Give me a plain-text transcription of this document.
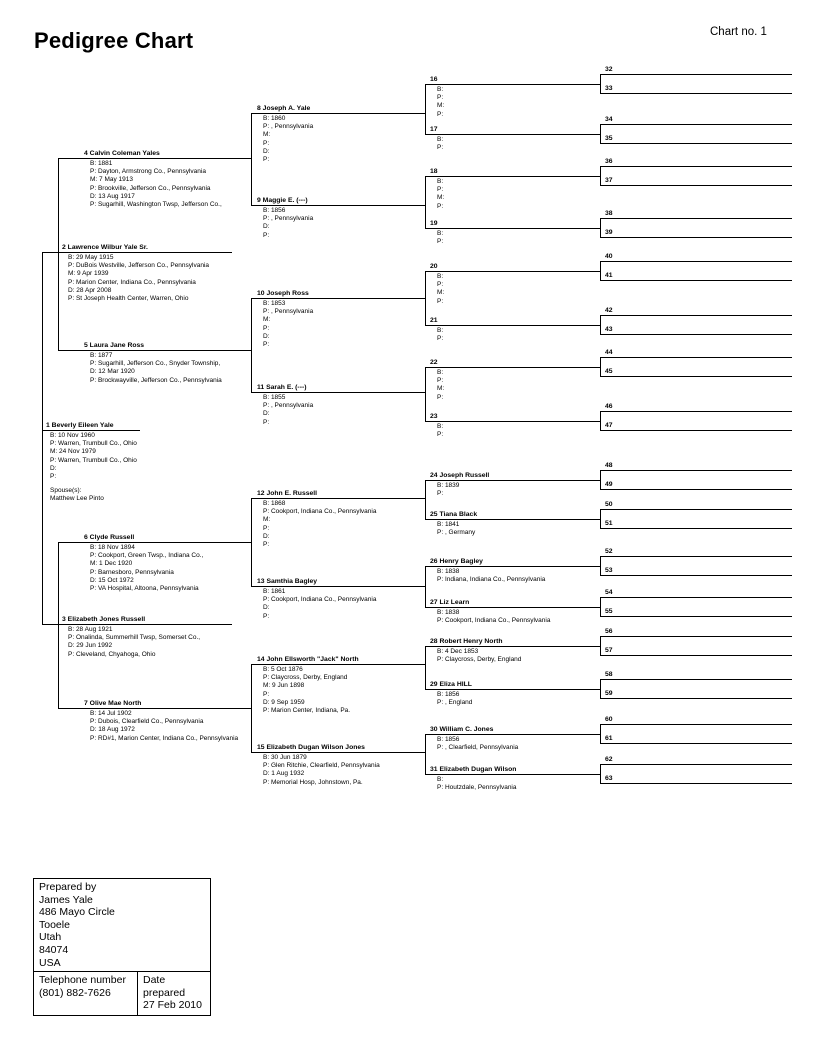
Pedigree Chart	Chart no. 1
1 Beverly Eileen Yale
B: 10 Nov 1960
P: Warren, Trumbull Co., Ohio
M: 24 Nov 1979
P: Warren, Trumbull Co., Ohio
D:
P:
Spouse(s):
Matthew Lee Pinto
2 Lawrence Wilbur Yale Sr.
B: 29 May 1915
P: DuBois Westville, Jefferson Co., Pennsylvania
M: 9 Apr 1939
P: Marion Center, Indiana Co., Pennsylvania
D: 28 Apr 2008
P: St Joseph Health Center, Warren, Ohio
3 Elizabeth Jones Russell
B: 28 Aug 1921
P: Onalinda, Summerhill Twsp, Somerset Co.,
D: 29 Jun 1992
P: Cleveland, Chyahoga, Ohio
4 Calvin Coleman Yales
B: 1881
P: Dayton, Armstrong Co., Pennsylvania
M: 7 May 1913
P: Brookville, Jefferson Co., Pennsylvania
D: 13 Aug 1917
P: Sugarhill, Washington Twsp, Jefferson Co.,
5 Laura Jane Ross
B: 1877
P: Sugarhill, Jefferson Co., Snyder Township,
D: 12 Mar 1920
P: Brockwayville, Jefferson Co., Pennsylvania
6 Clyde Russell
B: 18 Nov 1894
P: Cookport, Green Twsp., Indiana Co.,
M: 1 Dec 1920
P: Barnesboro, Pennsylvania
D: 15 Oct 1972
P: VA Hospital, Altoona, Pennsylvania
7 Olive Mae North
B: 14 Jul 1902
P: Dubois, Clearfield Co., Pennsylvania
D: 18 Aug 1972
P: RD#1, Marion Center, Indiana Co., Pennsylvania
8 Joseph A. Yale
B: 1860
P: , Pennsylvania
M:
P:
D:
P:
9 Maggie E. (---)
B: 1856
P: , Pennsylvania
D:
P:
10 Joseph Ross
B: 1853
P: , Pennsylvania
M:
P:
D:
P:
11 Sarah E. (---)
B: 1855
P: , Pennsylvania
D:
P:
12 John E. Russell
B: 1868
P: Cookport, Indiana Co., Pennsylvania
M:
P:
D:
P:
13 Samthia Bagley
B: 1861
P: Cookport, Indiana Co., Pennsylvania
D:
P:
14 John Ellsworth "Jack" North
B: 5 Oct 1876
P: Claycross, Derby, England
M: 9 Jun 1898
P:
D: 9 Sep 1959
P: Marion Center, Indiana, Pa.
15 Elizabeth Dugan Wilson Jones
B: 30 Jun 1879
P: Glen Ritchie, Clearfield, Pennsylvania
D: 1 Aug 1932
P: Memorial Hosp, Johnstown, Pa.
16
B:
P:
M:
P:
17
B:
P:
18
B:
P:
M:
P:
19
B:
P:
20
B:
P:
M:
P:
21
B:
P:
22
B:
P:
M:
P:
23
B:
P:
24 Joseph Russell
B: 1839
P:
25 Tiana Black
B: 1841
P: , Germany
26 Henry Bagley
B: 1838
P: Indiana, Indiana Co., Pennsylvania
27 Liz Learn
B: 1838
P: Cookport, Indiana Co., Pennsylvania
28 Robert Henry North
B: 4 Dec 1853
P: Claycross, Derby, England
29 Eliza HILL
B: 1856
P: , England
30 William C. Jones
B: 1856
P: , Clearfield, Pennsylvania
31 Elizabeth Dugan Wilson
B:
P: Houtzdale, Pennsylvania
32
33
34
35
36
37
38
39
40
41
42
43
44
45
46
47
48
49
50
51
52
53
54
55
56
57
58
59
60
61
62
63
Prepared by
James Yale
486 Mayo Circle
Tooele
Utah
84074
USA
Telephone number
(801) 882-7626
Date prepared
27 Feb 2010
